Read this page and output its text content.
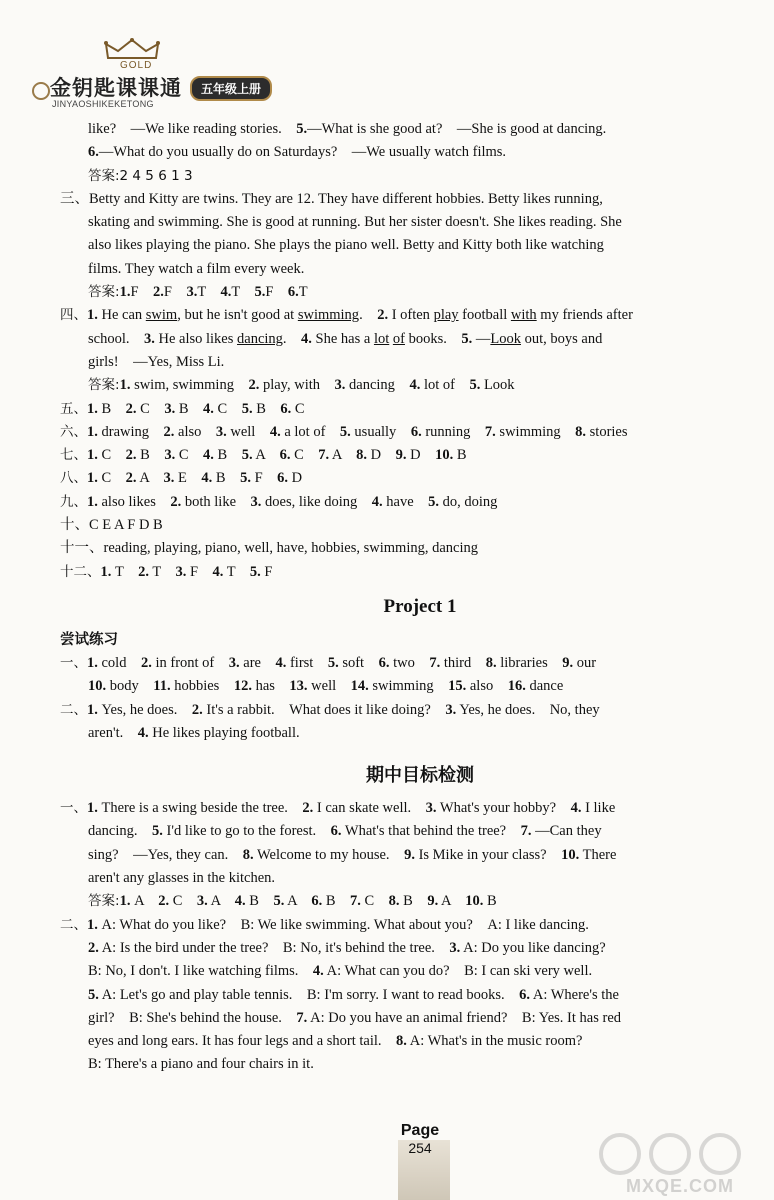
GOLD
金钥匙课课通
JINYAOSHIKEKETONG
五年级上册
like?　—We like reading stories.　5.—What is she good at?　—She is good at dancing.
6.—What do you usually do on Saturdays?　—We usually watch films.
答案:2 4 5 6 1 3
三、Betty and Kitty are twins. They are 12. They have different hobbies. Betty likes running,
skating and swimming. She is good at running. But her sister doesn't. She likes reading. She
also likes playing the piano. She plays the piano well. Betty and Kitty both like watching
films. They watch a film every week.
答案:1.F　2.F　3.T　4.T　5.F　6.T
四、1. He can swim, but he isn't good at swimming.　2. I often play football with my friends after
school.　3. He also likes dancing.　4. She has a lot of books.　5. —Look out, boys and
girls!　—Yes, Miss Li.
答案:1. swim, swimming　2. play, with　3. dancing　4. lot of　5. Look
五、1. B　2. C　3. B　4. C　5. B　6. C
六、1. drawing　2. also　3. well　4. a lot of　5. usually　6. running　7. swimming　8. stories
七、1. C　2. B　3. C　4. B　5. A　6. C　7. A　8. D　9. D　10. B
八、1. C　2. A　3. E　4. B　5. F　6. D
九、1. also likes　2. both like　3. does, like doing　4. have　5. do, doing
十、C E A F D B
十一、reading, playing, piano, well, have, hobbies, swimming, dancing
十二、1. T　2. T　3. F　4. T　5. F
Project 1
尝试练习
一、1. cold　2. in front of　3. are　4. first　5. soft　6. two　7. third　8. libraries　9. our
10. body　11. hobbies　12. has　13. well　14. swimming　15. also　16. dance
二、1. Yes, he does.　2. It's a rabbit.　What does it like doing?　3. Yes, he does.　No, they
aren't.　4. He likes playing football.
期中目标检测
一、1. There is a swing beside the tree.　2. I can skate well.　3. What's your hobby?　4. I like
dancing.　5. I'd like to go to the forest.　6. What's that behind the tree?　7. —Can they
sing?　—Yes, they can.　8. Welcome to my house.　9. Is Mike in your class?　10. There
aren't any glasses in the kitchen.
答案:1. A　2. C　3. A　4. B　5. A　6. B　7. C　8. B　9. A　10. B
二、1. A: What do you like?　B: We like swimming. What about you?　A: I like dancing.
2. A: Is the bird under the tree?　B: No, it's behind the tree.　3. A: Do you like dancing?
B: No, I don't. I like watching films.　4. A: What can you do?　B: I can ski very well.
5. A: Let's go and play table tennis.　B: I'm sorry. I want to read books.　6. A: Where's the
girl?　B: She's behind the house.　7. A: Do you have an animal friend?　B: Yes. It has red
eyes and long ears. It has four legs and a short tail.　8. A: What's in the music room?
B: There's a piano and four chairs in it.
Page
254
MXQE.COM
